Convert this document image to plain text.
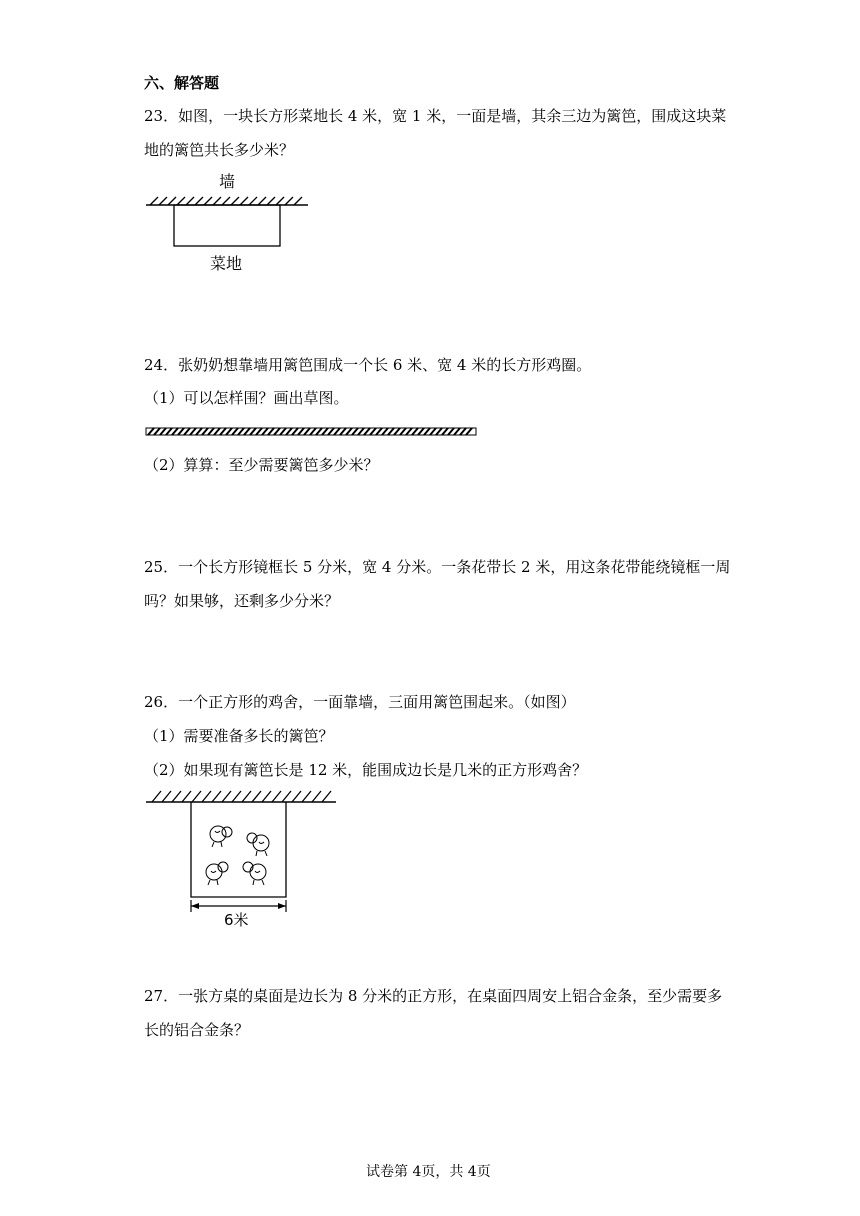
六、解答题
23．如图，一块长方形菜地长 4 米，宽 1 米，一面是墙，其余三边为篱笆，围成这块菜
地的篱笆共长多少米？
墙
菜地
24．张奶奶想靠墙用篱笆围成一个长 6 米、宽 4 米的长方形鸡圈。
（1）可以怎样围？画出草图。
（2）算算：至少需要篱笆多少米？
25．一个长方形镜框长 5 分米，宽 4 分米。一条花带长 2 米，用这条花带能绕镜框一周
吗？如果够，还剩多少分米？
26．一个正方形的鸡舍，一面靠墙，三面用篱笆围起来。（如图）
（1）需要准备多长的篱笆？
（2）如果现有篱笆长是 12 米，能围成边长是几米的正方形鸡舍？
6米
27．一张方桌的桌面是边长为 8 分米的正方形，在桌面四周安上铝合金条，至少需要多
长的铝合金条？
试卷第 4页，共 4页
